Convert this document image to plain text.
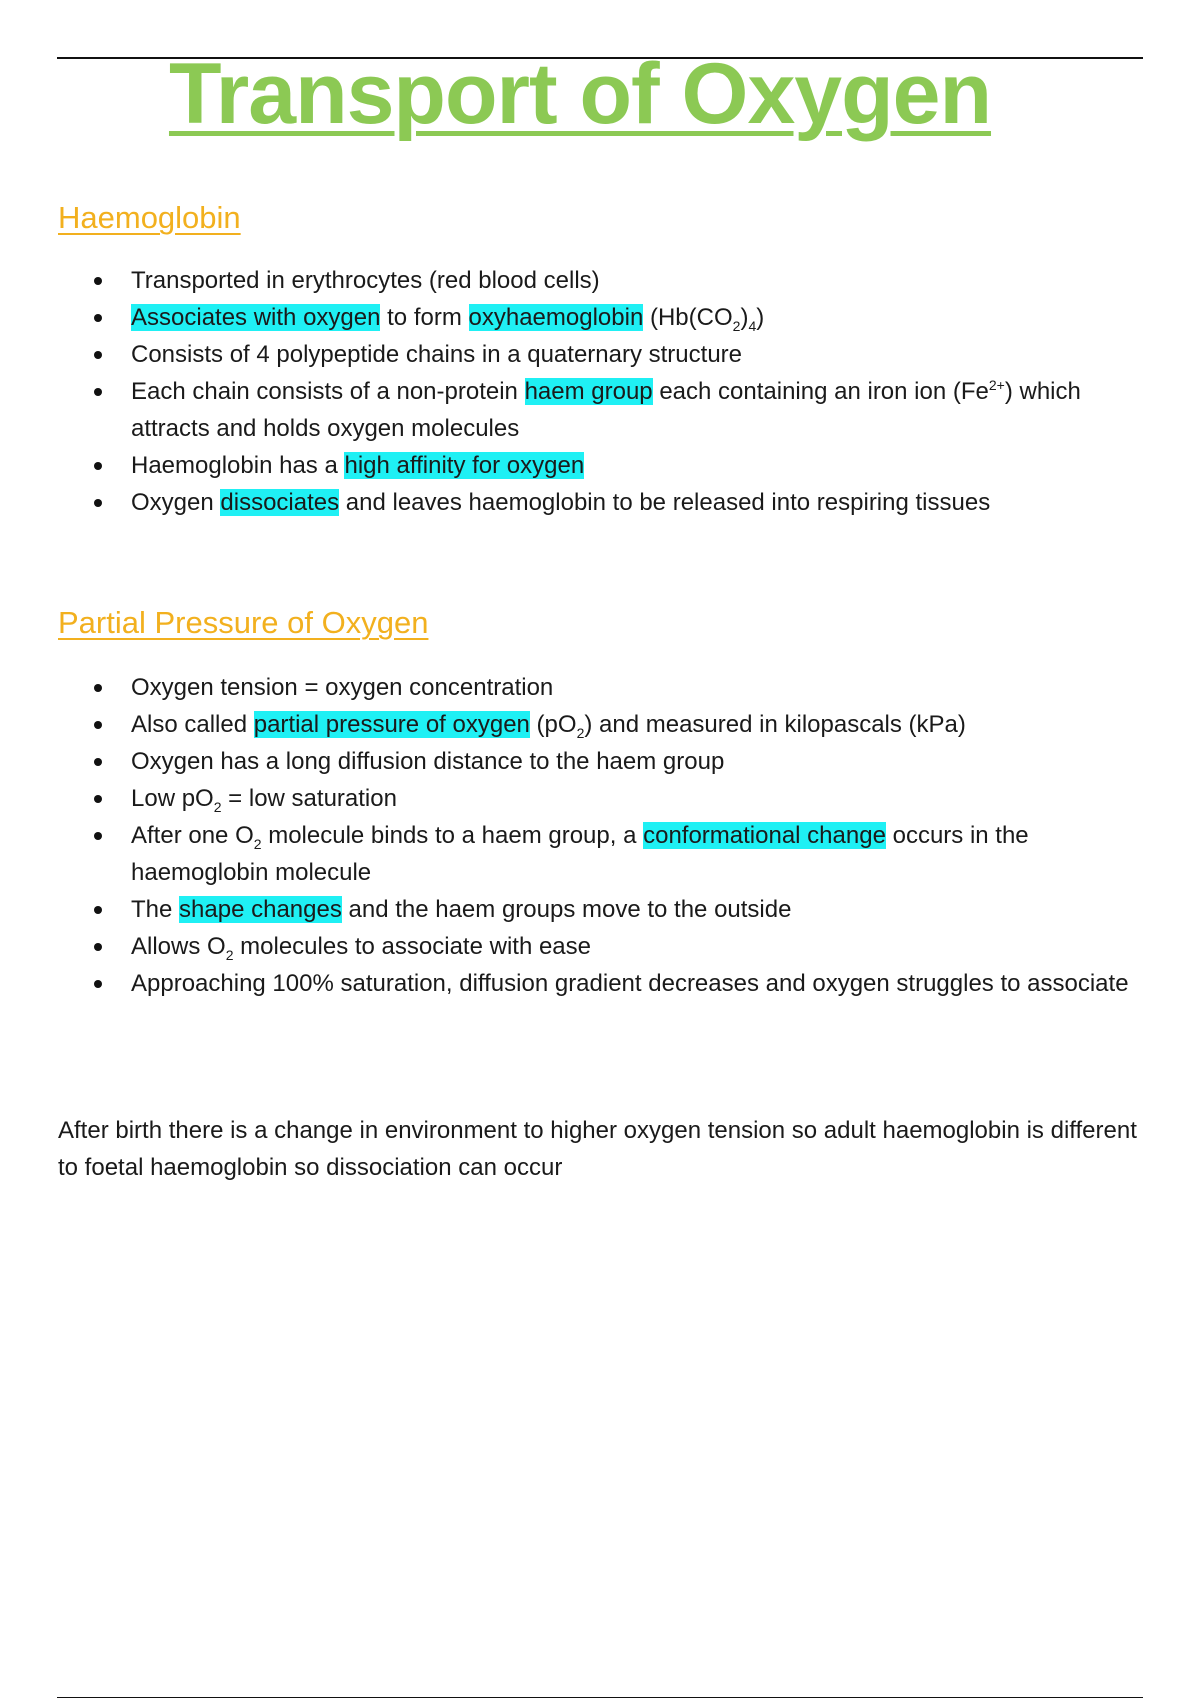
Transport of Oxygen
Haemoglobin
Transported in erythrocytes (red blood cells)
Associates with oxygen to form oxyhaemoglobin $(Hb(CO_2)_4)$
Consists of 4 polypeptide chains in a quaternary structure
Each chain consists of a non-protein haem group each containing an iron ion $(Fe^{2+})$ which attracts and holds oxygen molecules
Haemoglobin has a high affinity for oxygen
Oxygen dissociates and leaves haemoglobin to be released into respiring tissues
Partial Pressure of Oxygen
Oxygen tension = oxygen concentration
Also called partial pressure of oxygen $(pO_2)$ and measured in kilopascals (kPa)
Oxygen has a long diffusion distance to the haem group
Low $pO_2$ = low saturation
After one $O_2$ molecule binds to a haem group, a conformational change occurs in the haemoglobin molecule
The shape changes and the haem groups move to the outside
Allows $O_2$ molecules to associate with ease
Approaching 100% saturation, diffusion gradient decreases and oxygen struggles to associate

After birth there is a change in environment to higher oxygen tension so adult haemoglobin is different to foetal haemoglobin so dissociation can occur
